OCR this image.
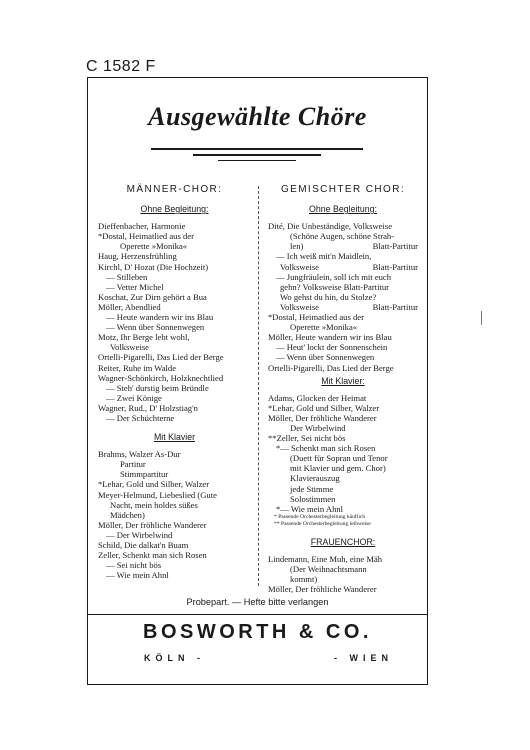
C 1582 F
Ausgewählte Chöre
MÄNNER-CHOR:
Ohne Begleitung:
Dieffenbacher, Harmonie
*Dostal, Heimatlied aus der
Operette »Monika«
Haug, Herzensfrühling
Kirchl, D' Hozat (Die Hochzeit)
— Stilleben
— Vetter Michel
Koschat, Zur Dirn gehört a Bua
Möller, Abendlied
— Heute wandern wir ins Blau
— Wenn über Sonnenwegen
Motz, Ihr Berge lebt wohl,
Volksweise
Ortelli-Pigarelli, Das Lied der Berge
Reiter, Ruhe im Walde
Wagner-Schönkirch, Holzknechtlied
— Steh' durstig beim Bründle
— Zwei Könige
Wagner, Rud., D' Holzstiag'n
— Der Schüchterne
Mit Klavier
Brahms, Walzer As-Dur
Partitur
Stimmpartitur
*Lehar, Gold und Silber, Walzer
Meyer-Helmund, Liebeslied (Gute
Nacht, mein holdes süßes
Mädchen)
Möller, Der fröhliche Wanderer
— Der Wirbelwind
Schild, Die dalkat'n Buam
Zeller, Schenkt man sich Rosen
— Sei nicht bös
— Wie mein Ahnl
GEMISCHTER CHOR:
Ohne Begleitung:
Dité, Die Unbeständige, Volksweise
(Schöne Augen, schöne Strah-
len)	Blatt-Partitur
— Ich weiß mit'n Maidlein,
Volksweise	Blatt-Partitur
— Jungfräulein, soll ich mit euch
gehn? Volksweise Blatt-Partitur
Wo gehst du hin, du Stolze?
Volksweise	Blatt-Partitur
*Dostal, Heimatlied aus der
Operette »Monika«
Möller, Heute wandern wir ins Blau
— Heut' lockt der Sonnenschein
— Wenn über Sonnenwegen
Ortelli-Pigarelli, Das Lied der Berge
Mit Klavier:
Adams, Glocken der Heimat
*Lehar, Gold und Silber, Walzer
Möller, Der fröhliche Wanderer
Der Wirbelwind
**Zeller, Sei nicht bös
*— Schenkt man sich Rosen
(Duett für Sopran und Tenor
mit Klavier und gem. Chor)
Klavierauszug
jede Stimme
Solostimmen
*— Wie mein Ahnl
* Passende Orchesterbegleitung käuflich
** Passende Orchesterbegleitung leihweise
FRAUENCHOR:
Lindemann, Eine Muh, eine Mäh
(Der Weihnachtsmann
kommt)
Möller, Der fröhliche Wanderer
Probepart. — Hefte bitte verlangen
BOSWORTH & CO.
KÖLN -	- WIEN
